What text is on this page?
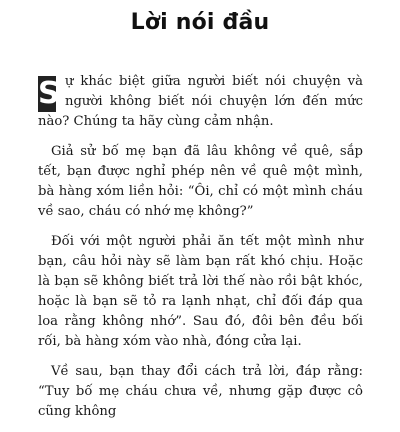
Lời nói đầu

S ự khác biệt giữa người biết nói chuyện và người không biết nói chuyện lớn đến mức nào? Chúng ta hãy cùng cảm nhận.

Giả sử bố mẹ bạn đã lâu không về quê, sắp tết, bạn được nghỉ phép nên về quê một mình, bà hàng xóm liền hỏi: “Ôi, chỉ có một mình cháu về sao, cháu có nhớ mẹ không?”

Đối với một người phải ăn tết một mình như bạn, câu hỏi này sẽ làm bạn rất khó chịu. Hoặc là bạn sẽ không biết trả lời thế nào rồi bật khóc, hoặc là bạn sẽ tỏ ra lạnh nhạt, chỉ đối đáp qua loa rằng không nhớ”. Sau đó, đôi bên đều bối rối, bà hàng xóm vào nhà, đóng cửa lại.

Về sau, bạn thay đổi cách trả lời, đáp rằng: “Tuy bố mẹ cháu chưa về, nhưng gặp được cô cũng không
